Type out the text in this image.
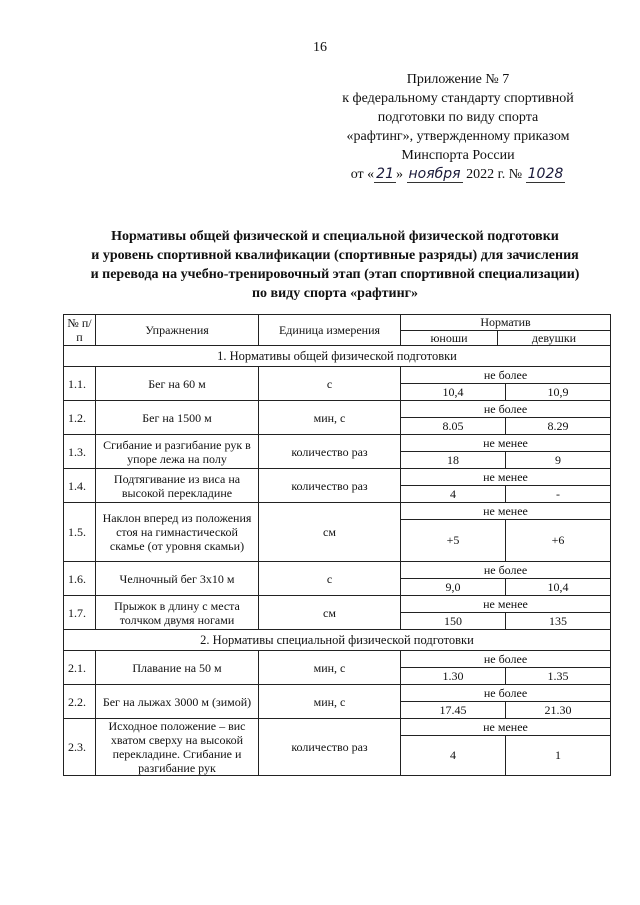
16
Приложение № 7
к федеральному стандарту спортивной
подготовки по виду спорта
«рафтинг», утвержденному приказом
Минспорта России
от « 21 » ноября 2022 г. № 1028
Нормативы общей физической и специальной физической подготовки
и уровень спортивной квалификации (спортивные разряды) для зачисления
и перевода на учебно-тренировочный этап (этап спортивной специализации)
по виду спорта «рафтинг»
№ п/п	Упражнения	Единица измерения	Норматив	
			юноши	девушки
1. Нормативы общей физической подготовки				
1.1.	Бег на 60 м	с	не более
10,4 10,9	

1.2.	Бег на 1500 м	мин, с	не более
8.05 8.29	

1.3.	Сгибание и разгибание рук в упоре лежа на полу	количество раз	не менее
18 9	

1.4.	Подтягивание из виса на высокой перекладине	количество раз	не менее
4 -	

1.5.	Наклон вперед из положения стоя на гимнастической скамье (от уровня скамьи)	см	не менее
+5 +6	

1.6.	Челночный бег 3х10 м	с	не более
9,0 10,4	

1.7.	Прыжок в длину с места толчком двумя ногами	см	не менее
150 135	

2. Нормативы специальной физической подготовки				
2.1.	Плавание на 50 м	мин, с	не более
1.30 1.35	

2.2.	Бег на лыжах 3000 м (зимой)	мин, с	не более
17.45 21.30	

2.3.	Исходное положение – вис хватом сверху на высокой перекладине. Сгибание и разгибание рук	количество раз	не менее
4 1	
